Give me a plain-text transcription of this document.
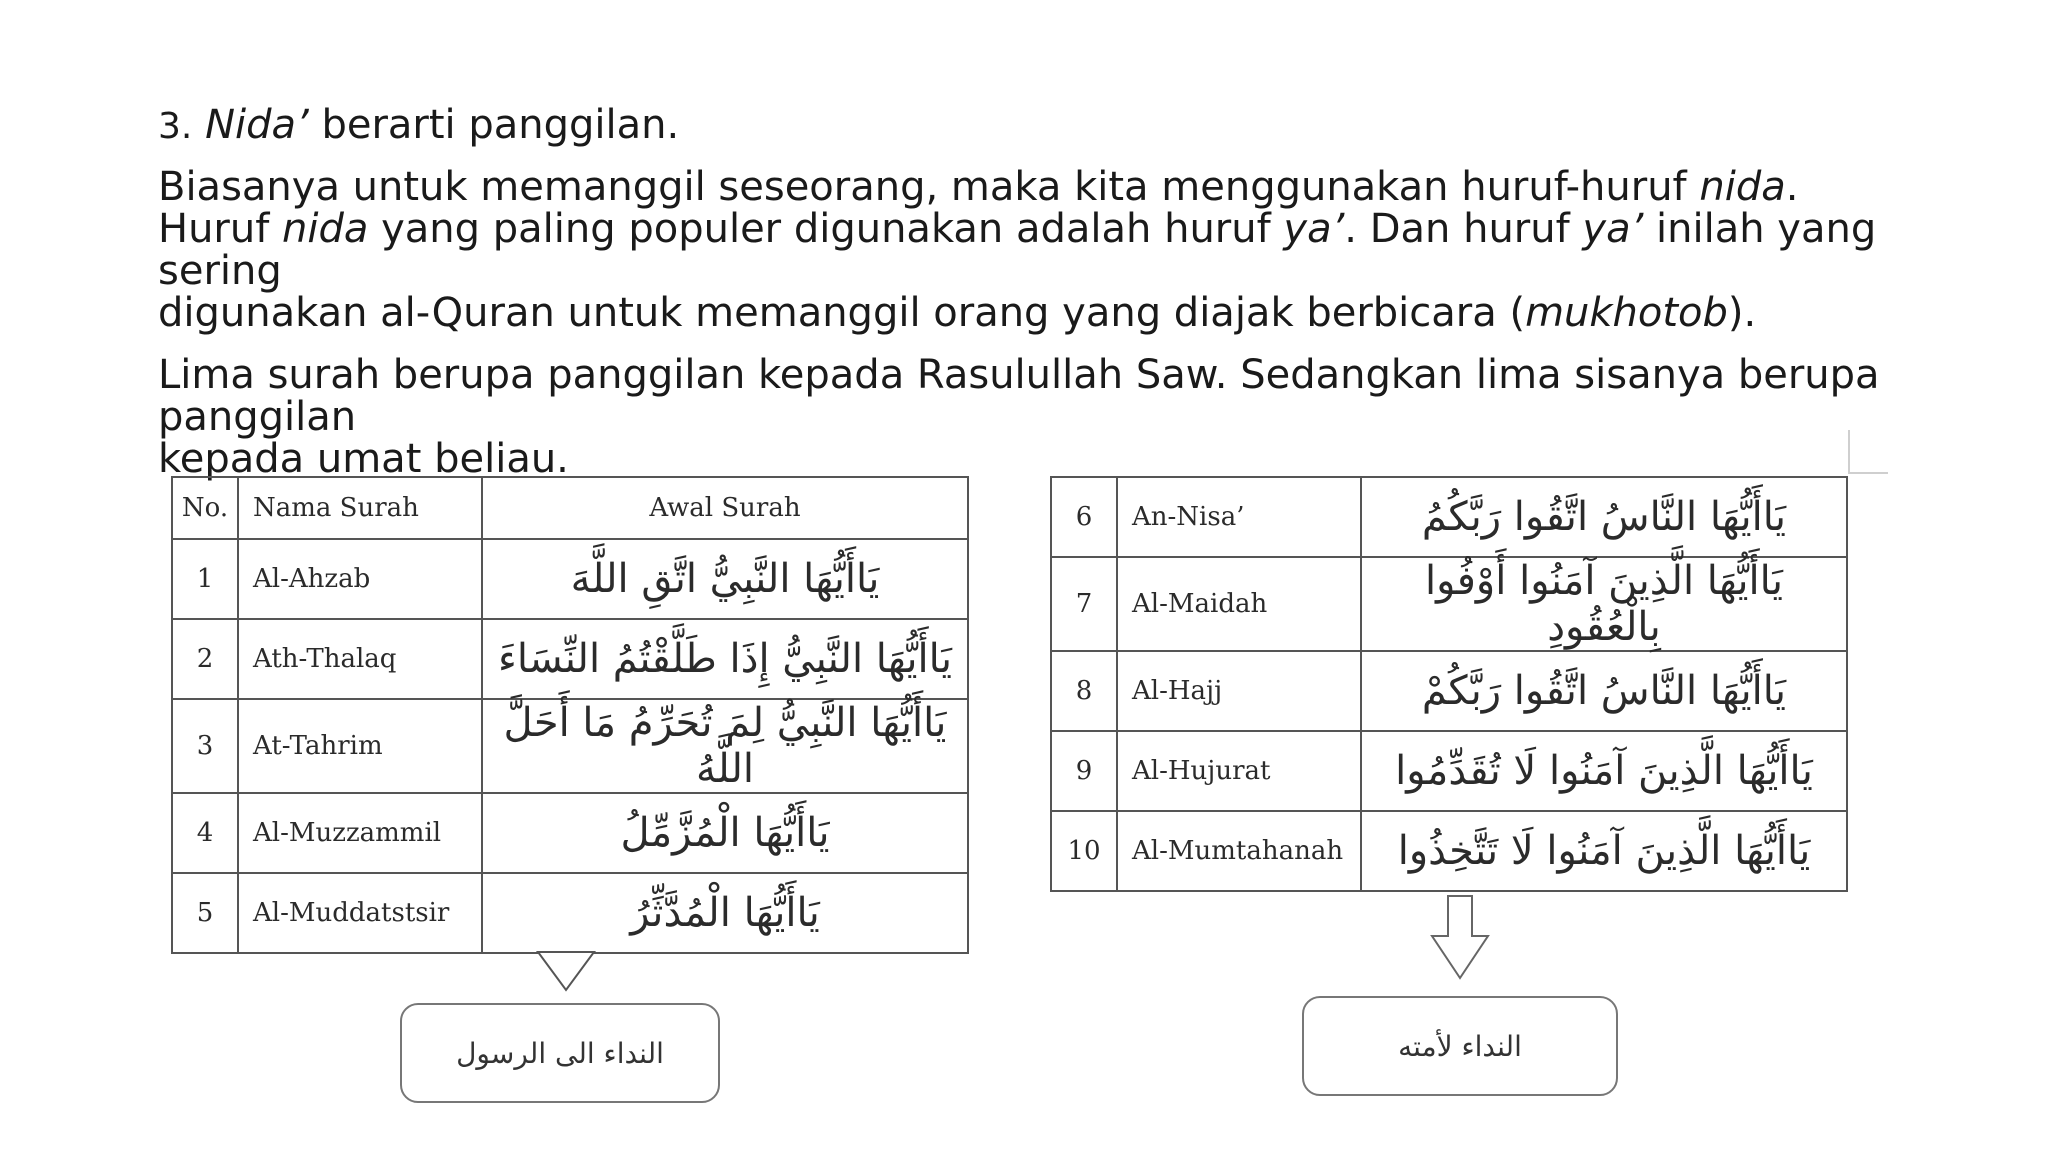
3. Nida’ berarti panggilan.

Biasanya untuk memanggil seseorang, maka kita menggunakan huruf-huruf nida.
Huruf nida yang paling populer digunakan adalah huruf ya’. Dan huruf ya’ inilah yang sering
digunakan al-Quran untuk memanggil orang yang diajak berbicara (mukhotob).

Lima surah berupa panggilan kepada Rasulullah Saw. Sedangkan lima sisanya berupa panggilan
kepada umat beliau.

No.	Nama Surah	Awal Surah
1	Al-Ahzab	يَاأَيُّهَا النَّبِيُّ اتَّقِ اللَّهَ
2	Ath-Thalaq	يَاأَيُّهَا النَّبِيُّ إِذَا طَلَّقْتُمُ النِّسَاءَ
3	At-Tahrim	يَاأَيُّهَا النَّبِيُّ لِمَ تُحَرِّمُ مَا أَحَلَّ اللَّهُ
4	Al-Muzzammil	يَاأَيُّهَا الْمُزَّمِّلُ
5	Al-Muddatstsir	يَاأَيُّهَا الْمُدَّثِّرُ
6	An-Nisa’	يَاأَيُّهَا النَّاسُ اتَّقُوا رَبَّكُمُ
7	Al-Maidah	يَاأَيُّهَا الَّذِينَ آمَنُوا أَوْفُوا بِالْعُقُودِ
8	Al-Hajj	يَاأَيُّهَا النَّاسُ اتَّقُوا رَبَّكُمْ
9	Al-Hujurat	يَاأَيُّهَا الَّذِينَ آمَنُوا لَا تُقَدِّمُوا
10	Al-Mumtahanah	يَاأَيُّهَا الَّذِينَ آمَنُوا لَا تَتَّخِذُوا
النداء الى الرسول	النداء لأمته
